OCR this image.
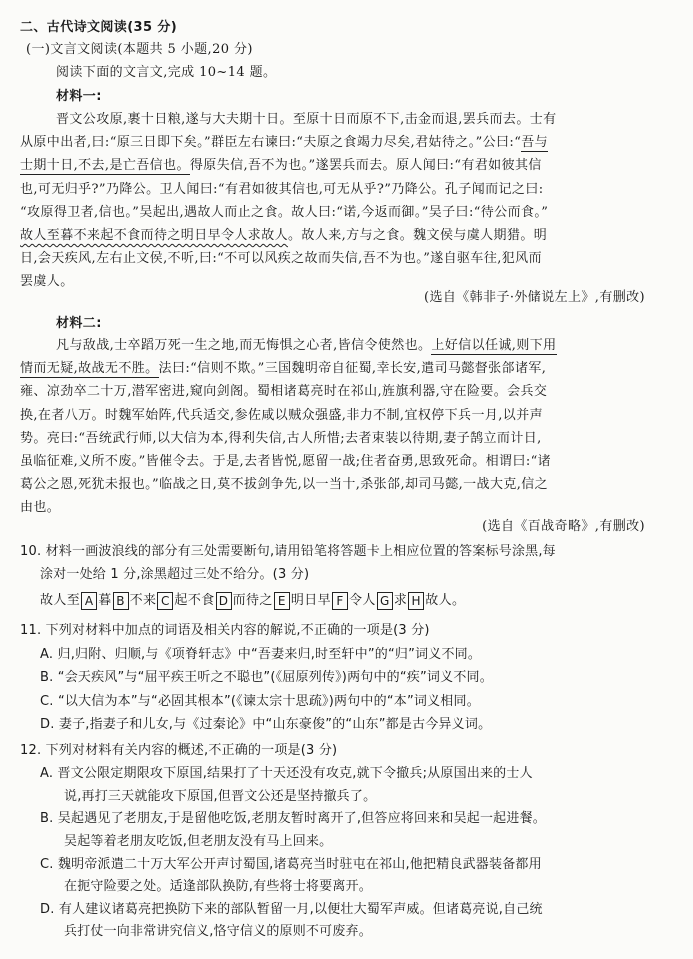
二、古代诗文阅读(35 分)

(一)文言文阅读(本题共 5 小题,20 分)

阅读下面的文言文,完成 10~14 题。

材料一:

晋文公攻原,裹十日粮,遂与大夫期十日。至原十日而原不下,击金而退,罢兵而去。士有

从原中出者,曰:“原三日即下矣。”群臣左右谏曰:“夫原之食竭力尽矣,君姑待之。”公曰:“吾与

士期十日,不去,是亡吾信也。得原失信,吾不为也。”遂罢兵而去。原人闻曰:“有君如彼其信

也,可无归乎?”乃降公。卫人闻曰:“有君如彼其信也,可无从乎?”乃降公。孔子闻而记之曰:

“攻原得卫者,信也。”吴起出,遇故人而止之食。故人曰:“诺,今返而御。”吴子曰:“待公而食。”

故人至暮不来起不食而待之明日早令人求故人。故人来,方与之食。魏文侯与虞人期猎。明

日,会天疾风,左右止文侯,不听,曰:“不可以风疾之故而失信,吾不为也。”遂自驱车往,犯风而

罢虞人。

(选自《韩非子·外储说左上》,有删改)

材料二:

凡与敌战,士卒蹈万死一生之地,而无悔惧之心者,皆信令使然也。上好信以任诚,则下用

情而无疑,故战无不胜。法曰:“信则不欺。”三国魏明帝自征蜀,幸长安,遣司马懿督张郃诸军,

雍、凉劲卒二十万,潜军密进,窥向剑阁。蜀相诸葛亮时在祁山,旌旗利器,守在险要。会兵交

换,在者八万。时魏军始阵,代兵适交,参佐咸以贼众强盛,非力不制,宜权停下兵一月,以并声

势。亮曰:“吾统武行师,以大信为本,得利失信,古人所惜;去者束装以待期,妻子鹄立而计日,

虽临征难,义所不废。”皆催令去。于是,去者皆悦,愿留一战;住者奋勇,思致死命。相谓曰:“诸

葛公之恩,死犹未报也。”临战之日,莫不拔剑争先,以一当十,杀张郃,却司马懿,一战大克,信之

由也。

(选自《百战奇略》,有删改)

10. 材料一画波浪线的部分有三处需要断句,请用铅笔将答题卡上相应位置的答案标号涂黑,每

涂对一处给 1 分,涂黑超过三处不给分。(3 分)

故人至 A 暮 B 不来 C 起不食 D 而待之 E 明日早 F 令人 G 求 H 故人。

11. 下列对材料中加点的词语及相关内容的解说,不正确的一项是(3 分)

A. 归,归附、归顺,与《项脊轩志》中“吾妻来归,时至轩中”的“归”词义不同。

B. “会天疾风”与“屈平疾王听之不聪也”(《屈原列传》)两句中的“疾”词义不同。

C. “以大信为本”与“必固其根本”(《谏太宗十思疏》)两句中的“本”词义相同。

D. 妻子,指妻子和儿女,与《过秦论》中“山东豪俊”的“山东”都是古今异义词。

12. 下列对材料有关内容的概述,不正确的一项是(3 分)

A. 晋文公限定期限攻下原国,结果打了十天还没有攻克,就下令撤兵;从原国出来的士人

说,再打三天就能攻下原国,但晋文公还是坚持撤兵了。

B. 吴起遇见了老朋友,于是留他吃饭,老朋友暂时离开了,但答应将回来和吴起一起进餐。

吴起等着老朋友吃饭,但老朋友没有马上回来。

C. 魏明帝派遣二十万大军公开声讨蜀国,诸葛亮当时驻屯在祁山,他把精良武器装备都用

在扼守险要之处。适逢部队换防,有些将士将要离开。

D. 有人建议诸葛亮把换防下来的部队暂留一月,以便壮大蜀军声威。但诸葛亮说,自己统

兵打仗一向非常讲究信义,恪守信义的原则不可废弃。
